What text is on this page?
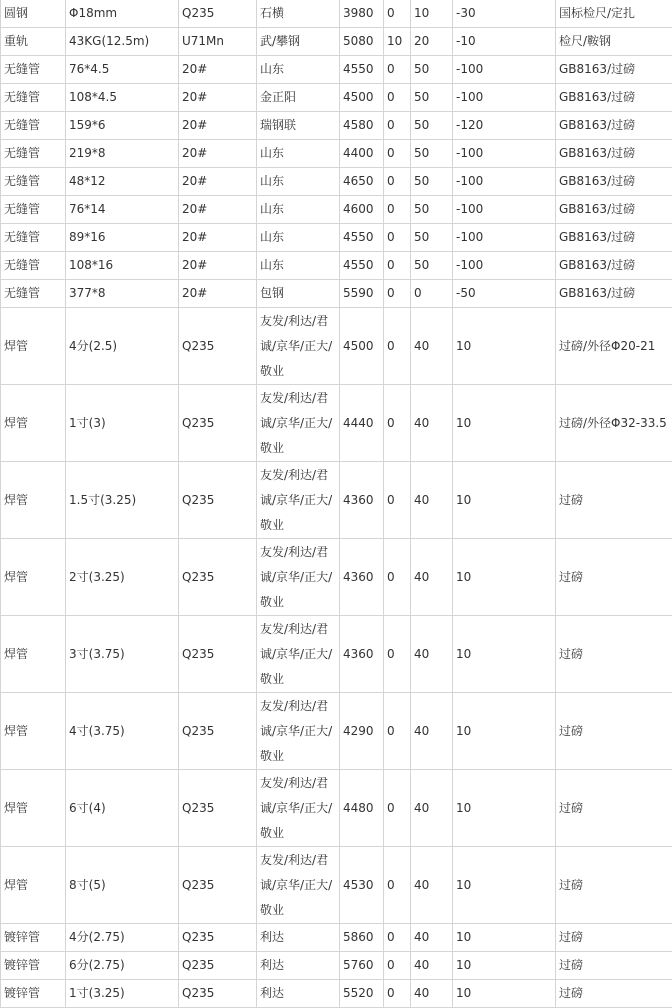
圆钢	Φ18mm	Q235	石横	3980	0	10	-30	国标检尺/定扎
重轨	43KG(12.5m)	U71Mn	武/攀钢	5080	10	20	-10	检尺/鞍钢
无缝管	76*4.5	20#	山东	4550	0	50	-100	GB8163/过磅
无缝管	108*4.5	20#	金正阳	4500	0	50	-100	GB8163/过磅
无缝管	159*6	20#	瑞钢联	4580	0	50	-120	GB8163/过磅
无缝管	219*8	20#	山东	4400	0	50	-100	GB8163/过磅
无缝管	48*12	20#	山东	4650	0	50	-100	GB8163/过磅
无缝管	76*14	20#	山东	4600	0	50	-100	GB8163/过磅
无缝管	89*16	20#	山东	4550	0	50	-100	GB8163/过磅
无缝管	108*16	20#	山东	4550	0	50	-100	GB8163/过磅
无缝管	377*8	20#	包钢	5590	0	0	-50	GB8163/过磅
焊管	4分(2.5)	Q235	友发/利达/君诚/京华/正大/敬业	4500	0	40	10	过磅/外径Φ20-21
焊管	1寸(3)	Q235	友发/利达/君诚/京华/正大/敬业	4440	0	40	10	过磅/外径Φ32-33.5
焊管	1.5寸(3.25)	Q235	友发/利达/君诚/京华/正大/敬业	4360	0	40	10	过磅
焊管	2寸(3.25)	Q235	友发/利达/君诚/京华/正大/敬业	4360	0	40	10	过磅
焊管	3寸(3.75)	Q235	友发/利达/君诚/京华/正大/敬业	4360	0	40	10	过磅
焊管	4寸(3.75)	Q235	友发/利达/君诚/京华/正大/敬业	4290	0	40	10	过磅
焊管	6寸(4)	Q235	友发/利达/君诚/京华/正大/敬业	4480	0	40	10	过磅
焊管	8寸(5)	Q235	友发/利达/君诚/京华/正大/敬业	4530	0	40	10	过磅
镀锌管	4分(2.75)	Q235	利达	5860	0	40	10	过磅
镀锌管	6分(2.75)	Q235	利达	5760	0	40	10	过磅
镀锌管	1寸(3.25)	Q235	利达	5520	0	40	10	过磅
